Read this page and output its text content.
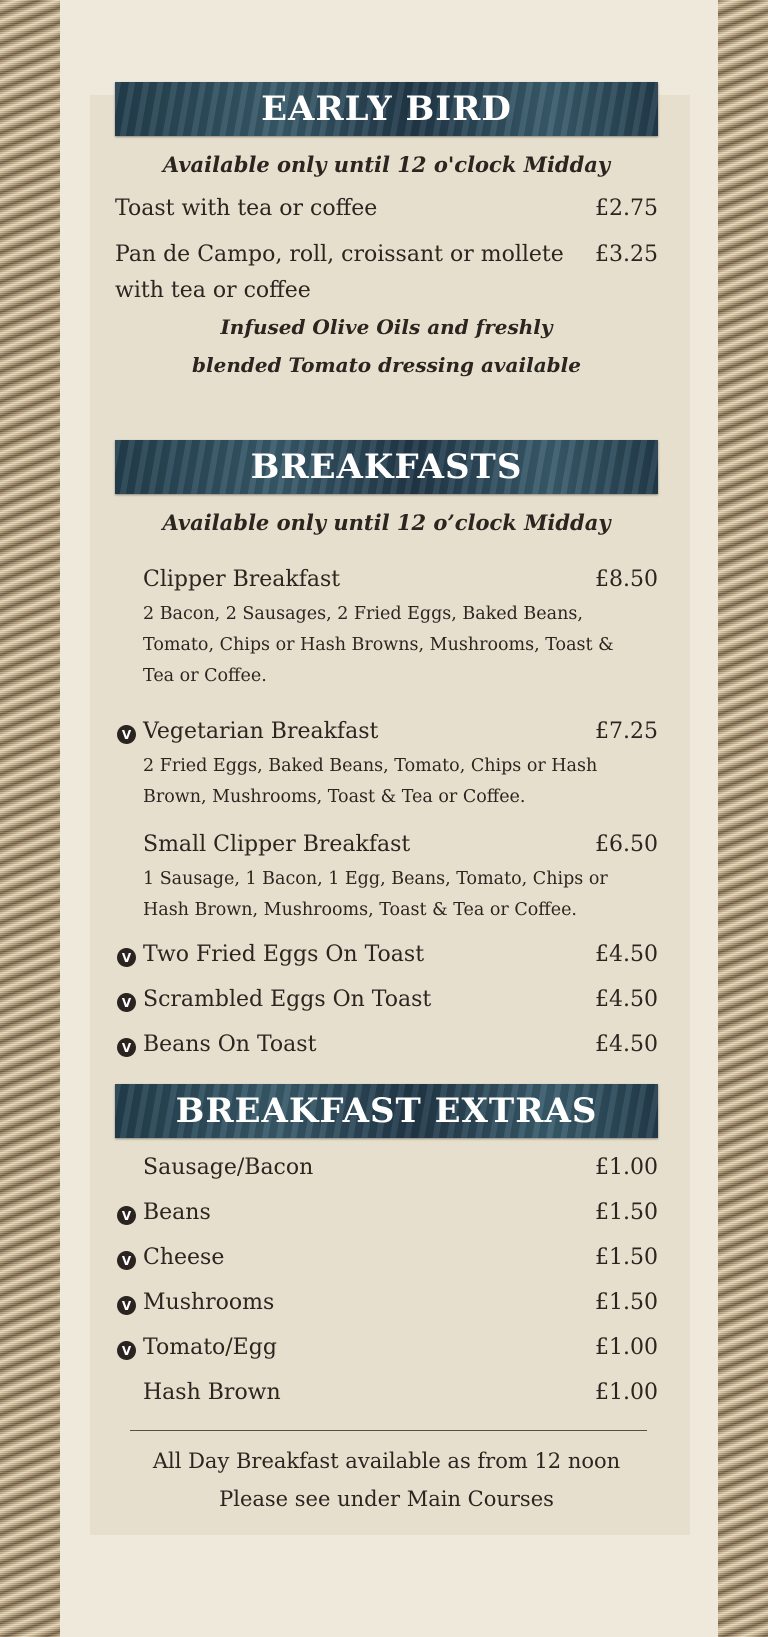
EARLY BIRD
Available only until 12 o'clock Midday
Toast with tea or coffee	£2.75
Pan de Campo, roll, croissant or mollete £3.25
with tea or coffee
Infused Olive Oils and freshly
blended Tomato dressing available
BREAKFASTS
Available only until 12 o’clock Midday
Clipper Breakfast	£8.50
2 Bacon, 2 Sausages, 2 Fried Eggs, Baked Beans,
Tomato, Chips or Hash Browns, Mushrooms, Toast &
Tea or Coffee.
V Vegetarian Breakfast	£7.25
2 Fried Eggs, Baked Beans, Tomato, Chips or Hash
Brown, Mushrooms, Toast & Tea or Coffee.
Small Clipper Breakfast	£6.50
1 Sausage, 1 Bacon, 1 Egg, Beans, Tomato, Chips or
Hash Brown, Mushrooms, Toast & Tea or Coffee.
V Two Fried Eggs On Toast	£4.50
V Scrambled Eggs On Toast	£4.50
V Beans On Toast	£4.50
BREAKFAST EXTRAS
Sausage/Bacon	£1.00
V Beans	£1.50
V Cheese	£1.50
V Mushrooms	£1.50
V Tomato/Egg	£1.00
Hash Brown	£1.00
All Day Breakfast available as from 12 noon
Please see under Main Courses
